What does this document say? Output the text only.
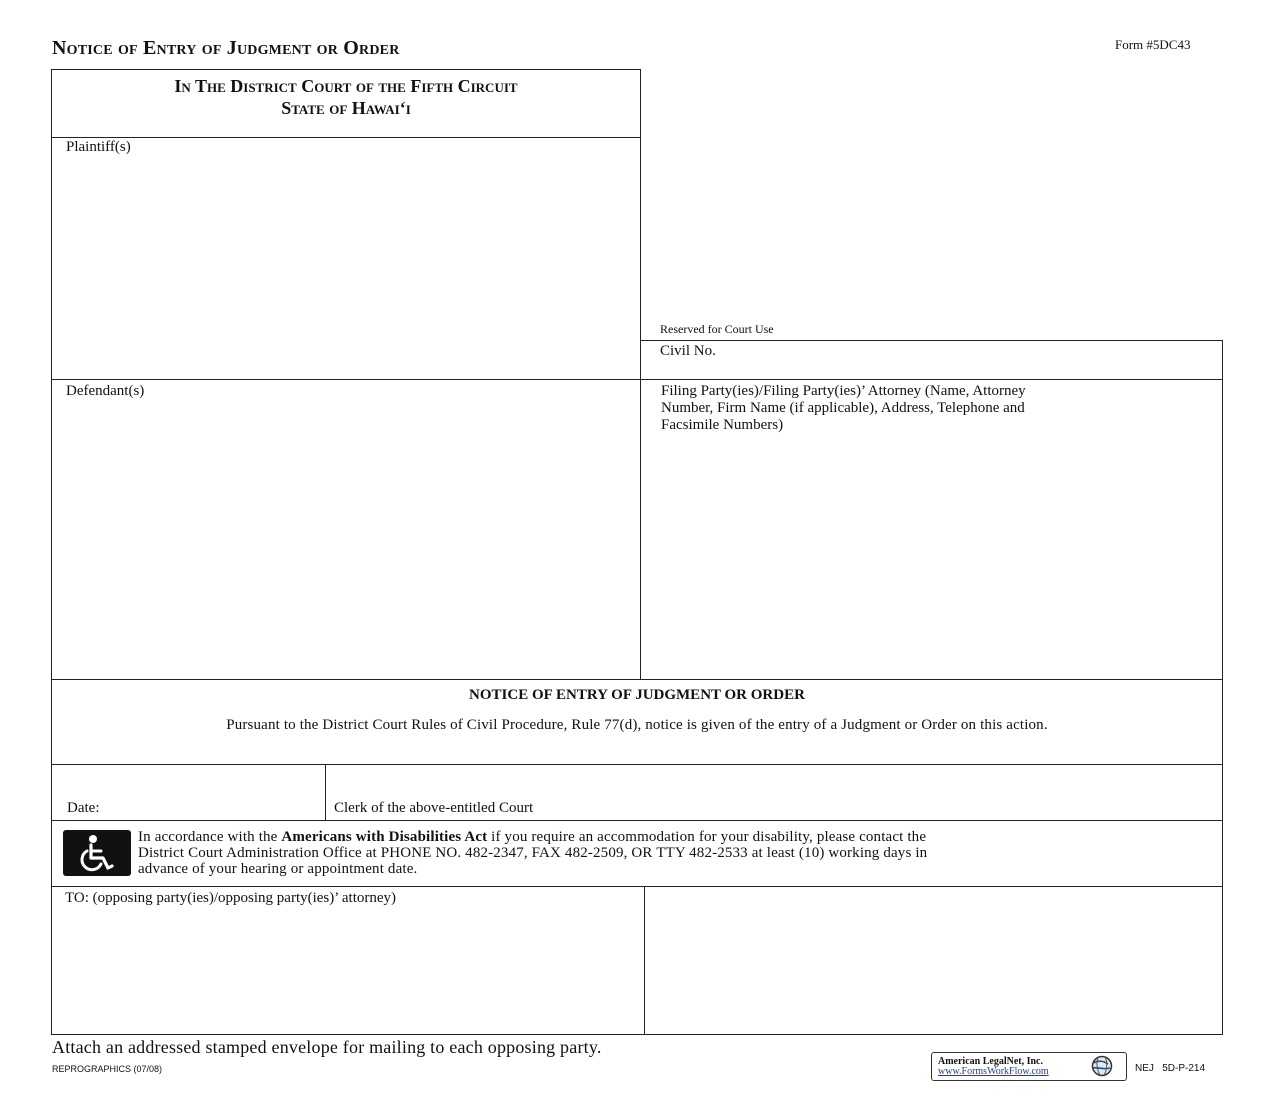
Notice of Entry of Judgment or Order	Form #5DC43
In The District Court of the Fifth Circuit
State of Hawai‘i
Plaintiff(s)
Reserved for Court Use
Civil No.
Defendant(s)	Filing Party(ies)/Filing Party(ies)’ Attorney (Name, Attorney
Number, Firm Name (if applicable), Address, Telephone and
Facsimile Numbers)
NOTICE OF ENTRY OF JUDGMENT OR ORDER
Pursuant to the District Court Rules of Civil Procedure, Rule 77(d), notice is given of the entry of a Judgment or Order on this action.
Date:	Clerk of the above-entitled Court
In accordance with the Americans with Disabilities Act if you require an accommodation for your disability, please contact the
District Court Administration Office at PHONE NO. 482-2347, FAX 482-2509, OR TTY 482-2533 at least (10) working days in
advance of your hearing or appointment date.
TO: (opposing party(ies)/opposing party(ies)’ attorney)
Attach an addressed stamped envelope for mailing to each opposing party.
REPROGRAPHICS (07/08)
American LegalNet, Inc.
www.FormsWorkFlow.com	NEJ   5D-P-214
